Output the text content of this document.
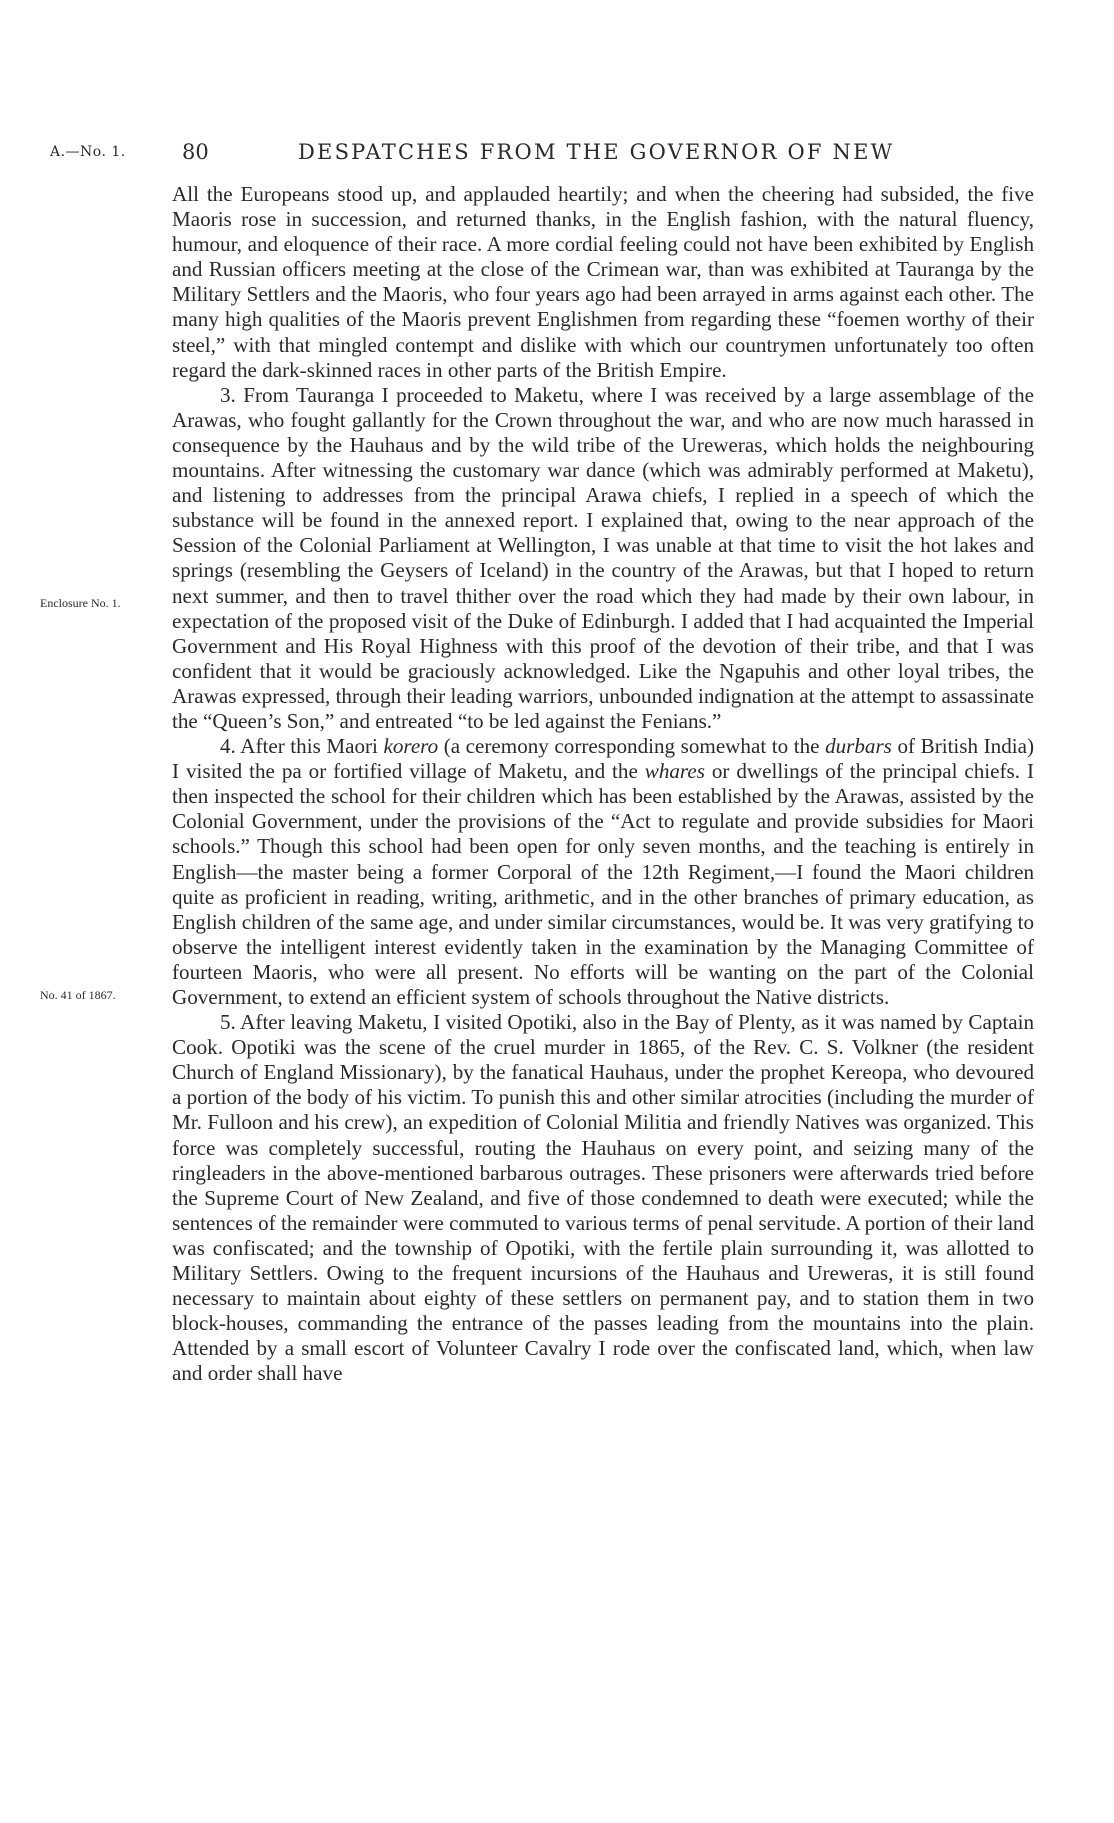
A.—No. 1.	80	DESPATCHES FROM THE GOVERNOR OF NEW
Enclosure No. 1.
No. 41 of 1867.

All the Europeans stood up, and applauded heartily; and when the cheering had subsided, the five Maoris rose in succession, and returned thanks, in the English fashion, with the natural fluency, humour, and eloquence of their race. A more cordial feeling could not have been exhibited by English and Russian officers meeting at the close of the Crimean war, than was exhibited at Tauranga by the Military Settlers and the Maoris, who four years ago had been arrayed in arms against each other. The many high qualities of the Maoris prevent Englishmen from regarding these “foemen worthy of their steel,” with that mingled contempt and dislike with which our countrymen unfortunately too often regard the dark-skinned races in other parts of the British Empire.

3. From Tauranga I proceeded to Maketu, where I was received by a large assemblage of the Arawas, who fought gallantly for the Crown throughout the war, and who are now much harassed in consequence by the Hauhaus and by the wild tribe of the Ureweras, which holds the neighbouring mountains. After witnessing the customary war dance (which was admirably performed at Maketu), and listening to addresses from the principal Arawa chiefs, I replied in a speech of which the substance will be found in the annexed report. I explained that, owing to the near approach of the Session of the Colonial Parliament at Wellington, I was unable at that time to visit the hot lakes and springs (resembling the Geysers of Iceland) in the country of the Arawas, but that I hoped to return next summer, and then to travel thither over the road which they had made by their own labour, in expectation of the proposed visit of the Duke of Edinburgh. I added that I had acquainted the Imperial Government and His Royal Highness with this proof of the devotion of their tribe, and that I was confident that it would be graciously acknowledged. Like the Ngapuhis and other loyal tribes, the Arawas expressed, through their leading warriors, unbounded indignation at the attempt to assassinate the “Queen’s Son,” and entreated “to be led against the Fenians.”

4. After this Maori korero (a ceremony corresponding somewhat to the durbars of British India) I visited the pa or fortified village of Maketu, and the whares or dwellings of the principal chiefs. I then inspected the school for their children which has been established by the Arawas, assisted by the Colonial Government, under the provisions of the “Act to regulate and provide subsidies for Maori schools.” Though this school had been open for only seven months, and the teaching is entirely in English—the master being a former Corporal of the 12th Regiment,—I found the Maori children quite as proficient in reading, writing, arithmetic, and in the other branches of primary education, as English children of the same age, and under similar circumstances, would be. It was very gratifying to observe the intelligent interest evidently taken in the examination by the Managing Committee of fourteen Maoris, who were all present. No efforts will be wanting on the part of the Colonial Government, to extend an efficient system of schools throughout the Native districts.

5. After leaving Maketu, I visited Opotiki, also in the Bay of Plenty, as it was named by Captain Cook. Opotiki was the scene of the cruel murder in 1865, of the Rev. C. S. Volkner (the resident Church of England Missionary), by the fanatical Hauhaus, under the prophet Kereopa, who devoured a portion of the body of his victim. To punish this and other similar atrocities (including the murder of Mr. Fulloon and his crew), an expedition of Colonial Militia and friendly Natives was organized. This force was completely successful, routing the Hauhaus on every point, and seizing many of the ringleaders in the above-mentioned barbarous outrages. These prisoners were afterwards tried before the Supreme Court of New Zealand, and five of those condemned to death were executed; while the sentences of the remainder were commuted to various terms of penal servitude. A portion of their land was confiscated; and the township of Opotiki, with the fertile plain surrounding it, was allotted to Military Settlers. Owing to the frequent incursions of the Hauhaus and Ureweras, it is still found necessary to maintain about eighty of these settlers on permanent pay, and to station them in two block-houses, commanding the entrance of the passes leading from the mountains into the plain. Attended by a small escort of Volunteer Cavalry I rode over the confiscated land, which, when law and order shall have
